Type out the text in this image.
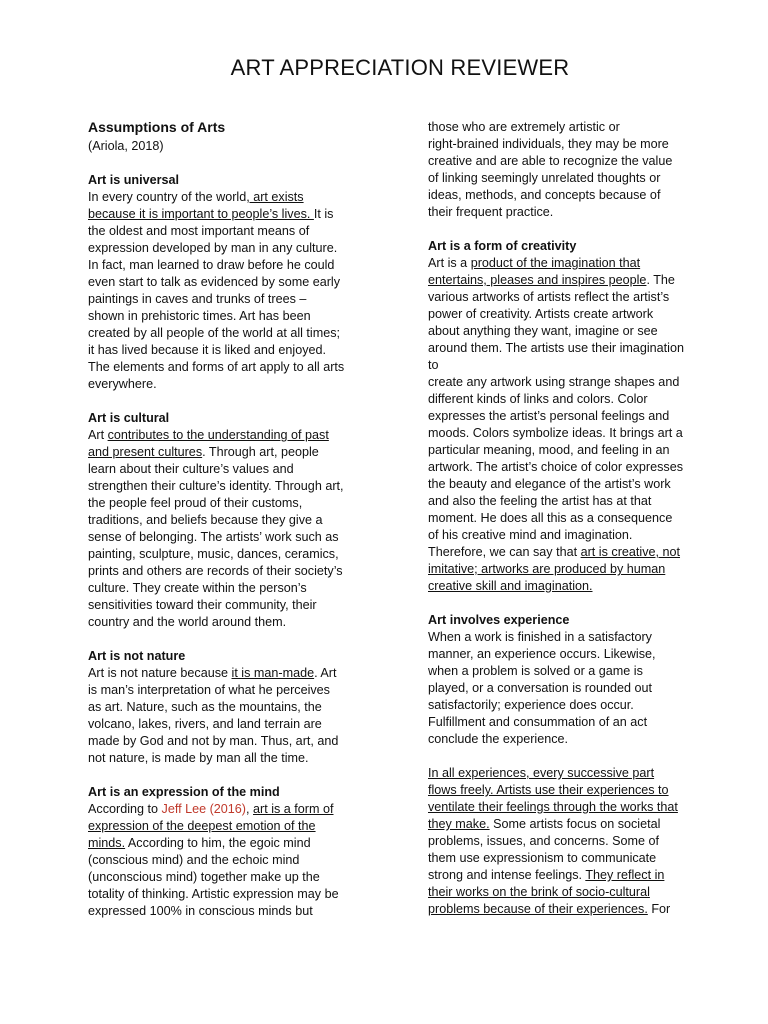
ART APPRECIATION REVIEWER
Assumptions of Arts
(Ariola, 2018)
Art is universal
In every country of the world, art exists
because it is important to people’s lives. It is
the oldest and most important means of
expression developed by man in any culture.
In fact, man learned to draw before he could
even start to talk as evidenced by some early
paintings in caves and trunks of trees –
shown in prehistoric times. Art has been
created by all people of the world at all times;
it has lived because it is liked and enjoyed.
The elements and forms of art apply to all arts
everywhere.
Art is cultural
Art contributes to the understanding of past
and present cultures. Through art, people
learn about their culture’s values and
strengthen their culture’s identity. Through art,
the people feel proud of their customs,
traditions, and beliefs because they give a
sense of belonging. The artists’ work such as
painting, sculpture, music, dances, ceramics,
prints and others are records of their society’s
culture. They create within the person’s
sensitivities toward their community, their
country and the world around them.
Art is not nature
Art is not nature because it is man-made. Art
is man’s interpretation of what he perceives
as art. Nature, such as the mountains, the
volcano, lakes, rivers, and land terrain are
made by God and not by man. Thus, art, and
not nature, is made by man all the time.
Art is an expression of the mind
According to Jeff Lee (2016), art is a form of
expression of the deepest emotion of the
minds. According to him, the egoic mind
(conscious mind) and the echoic mind
(unconscious mind) together make up the
totality of thinking. Artistic expression may be
expressed 100% in conscious minds but
those who are extremely artistic or
right-brained individuals, they may be more
creative and are able to recognize the value
of linking seemingly unrelated thoughts or
ideas, methods, and concepts because of
their frequent practice.
Art is a form of creativity
Art is a product of the imagination that
entertains, pleases and inspires people. The
various artworks of artists reflect the artist’s
power of creativity. Artists create artwork
about anything they want, imagine or see
around them. The artists use their imagination
to
create any artwork using strange shapes and
different kinds of links and colors. Color
expresses the artist’s personal feelings and
moods. Colors symbolize ideas. It brings art a
particular meaning, mood, and feeling in an
artwork. The artist’s choice of color expresses
the beauty and elegance of the artist’s work
and also the feeling the artist has at that
moment. He does all this as a consequence
of his creative mind and imagination.
Therefore, we can say that art is creative, not
imitative; artworks are produced by human
creative skill and imagination.
Art involves experience
When a work is finished in a satisfactory
manner, an experience occurs. Likewise,
when a problem is solved or a game is
played, or a conversation is rounded out
satisfactorily; experience does occur.
Fulfillment and consummation of an act
conclude the experience.
In all experiences, every successive part
flows freely. Artists use their experiences to
ventilate their feelings through the works that
they make. Some artists focus on societal
problems, issues, and concerns. Some of
them use expressionism to communicate
strong and intense feelings. They reflect in
their works on the brink of socio-cultural
problems because of their experiences. For
